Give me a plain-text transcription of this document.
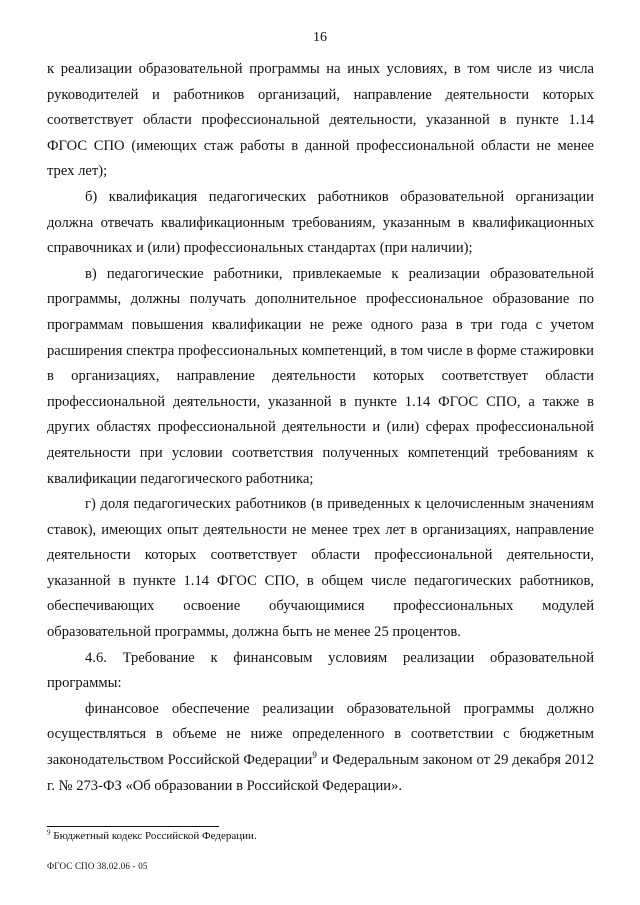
16

к реализации образовательной программы на иных условиях, в том числе из числа руководителей и работников организаций, направление деятельности которых соответствует области профессиональной деятельности, указанной в пункте 1.14 ФГОС СПО (имеющих стаж работы в данной профессиональной области не менее трех лет);

б) квалификация педагогических работников образовательной организации должна отвечать квалификационным требованиям, указанным в квалификационных справочниках и (или) профессиональных стандартах (при наличии);

в) педагогические работники, привлекаемые к реализации образовательной программы, должны получать дополнительное профессиональное образование по программам повышения квалификации не реже одного раза в три года с учетом расширения спектра профессиональных компетенций, в том числе в форме стажировки в организациях, направление деятельности которых соответствует области профессиональной деятельности, указанной в пункте 1.14 ФГОС СПО, а также в других областях профессиональной деятельности и (или) сферах профессиональной деятельности при условии соответствия полученных компетенций требованиям к квалификации педагогического работника;

г) доля педагогических работников (в приведенных к целочисленным значениям ставок), имеющих опыт деятельности не менее трех лет в организациях, направление деятельности которых соответствует области профессиональной деятельности, указанной в пункте 1.14 ФГОС СПО, в общем числе педагогических работников, обеспечивающих освоение обучающимися профессиональных модулей образовательной программы, должна быть не менее 25 процентов.

4.6. Требование к финансовым условиям реализации образовательной программы:

финансовое обеспечение реализации образовательной программы должно осуществляться в объеме не ниже определенного в соответствии с бюджетным законодательством Российской Федерации$^9$ и Федеральным законом от 29 декабря 2012 г. № 273-ФЗ «Об образовании в Российской Федерации».

$^9$ Бюджетный кодекс Российской Федерации.
ФГОС СПО 38.02.06 - 05
